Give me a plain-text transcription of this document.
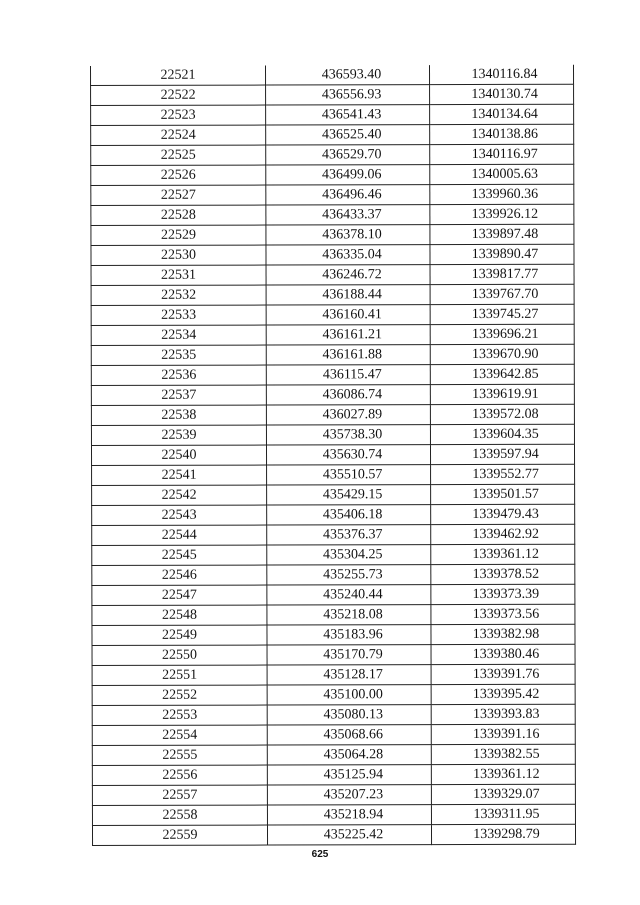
22521	436593.40	1340116.84
22522	436556.93	1340130.74
22523	436541.43	1340134.64
22524	436525.40	1340138.86
22525	436529.70	1340116.97
22526	436499.06	1340005.63
22527	436496.46	1339960.36
22528	436433.37	1339926.12
22529	436378.10	1339897.48
22530	436335.04	1339890.47
22531	436246.72	1339817.77
22532	436188.44	1339767.70
22533	436160.41	1339745.27
22534	436161.21	1339696.21
22535	436161.88	1339670.90
22536	436115.47	1339642.85
22537	436086.74	1339619.91
22538	436027.89	1339572.08
22539	435738.30	1339604.35
22540	435630.74	1339597.94
22541	435510.57	1339552.77
22542	435429.15	1339501.57
22543	435406.18	1339479.43
22544	435376.37	1339462.92
22545	435304.25	1339361.12
22546	435255.73	1339378.52
22547	435240.44	1339373.39
22548	435218.08	1339373.56
22549	435183.96	1339382.98
22550	435170.79	1339380.46
22551	435128.17	1339391.76
22552	435100.00	1339395.42
22553	435080.13	1339393.83
22554	435068.66	1339391.16
22555	435064.28	1339382.55
22556	435125.94	1339361.12
22557	435207.23	1339329.07
22558	435218.94	1339311.95
22559	435225.42	1339298.79
625
